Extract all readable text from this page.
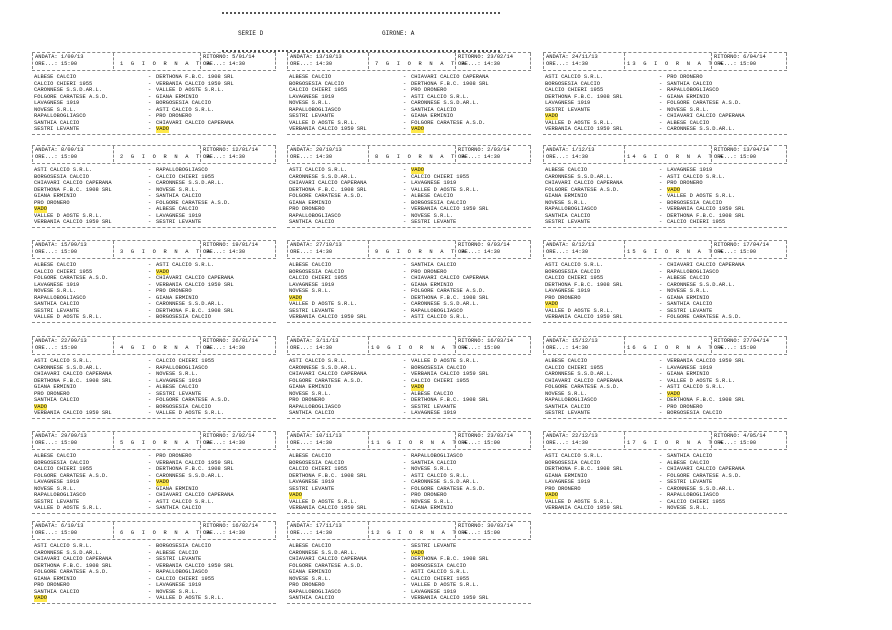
SERIE D	GIRONE: A
ANDATA: 1/09/13
ORE...: 15:00	1 G I O R N A T A
RITORNO: 5/01/14
ORE...: 14:30
ALBESE CALCIO	- DERTHONA F.B.C. 1908 SRL
CALCIO CHIERI 1955	- VERBANIA CALCIO 1959 SRL
CARONNESE S.S.D.AR.L.	- VALLEE D AOSTE S.R.L.
FOLGORE CARATESE A.S.D.	- GIANA ERMINIO
LAVAGNESE 1919	- BORGOSESIA CALCIO
NOVESE S.R.L.	- ASTI CALCIO S.R.L.
RAPALLOBOGLIASCO	- PRO DRONERO
SANTHIA CALCIO	- CHIAVARI CALCIO CAPERANA
SESTRI LEVANTE	- VADO
ANDATA: 8/09/13
ORE...: 15:00	2 G I O R N A T A
RITORNO: 12/01/14
ORE...: 14:30
ASTI CALCIO S.R.L.	- RAPALLOBOGLIASCO
BORGOSESIA CALCIO	- CALCIO CHIERI 1955
CHIAVARI CALCIO CAPERANA	- CARONNESE S.S.D.AR.L.
DERTHONA F.B.C. 1908 SRL	- NOVESE S.R.L.
GIANA ERMINIO	- SANTHIA CALCIO
PRO DRONERO	- FOLGORE CARATESE A.S.D.
VADO	- ALBESE CALCIO
VALLEE D AOSTE S.R.L.	- LAVAGNESE 1919
VERBANIA CALCIO 1959 SRL	- SESTRI LEVANTE
ANDATA: 15/09/13
ORE...: 15:00	3 G I O R N A T A
RITORNO: 19/01/14
ORE...: 14:30
ALBESE CALCIO	- ASTI CALCIO S.R.L.
CALCIO CHIERI 1955	- VADO
FOLGORE CARATESE A.S.D.	- CHIAVARI CALCIO CAPERANA
LAVAGNESE 1919	- VERBANIA CALCIO 1959 SRL
NOVESE S.R.L.	- PRO DRONERO
RAPALLOBOGLIASCO	- GIANA ERMINIO
SANTHIA CALCIO	- CARONNESE S.S.D.AR.L.
SESTRI LEVANTE	- DERTHONA F.B.C. 1908 SRL
VALLEE D AOSTE S.R.L.	- BORGOSESIA CALCIO
ANDATA: 22/09/13
ORE...: 15:00	4 G I O R N A T A
RITORNO: 26/01/14
ORE...: 14:30
ASTI CALCIO S.R.L.	- CALCIO CHIERI 1955
CARONNESE S.S.D.AR.L.	- RAPALLOBOGLIASCO
CHIAVARI CALCIO CAPERANA	- NOVESE S.R.L.
DERTHONA F.B.C. 1908 SRL	- LAVAGNESE 1919
GIANA ERMINIO	- ALBESE CALCIO
PRO DRONERO	- SESTRI LEVANTE
SANTHIA CALCIO	- FOLGORE CARATESE A.S.D.
VADO	- BORGOSESIA CALCIO
VERBANIA CALCIO 1959 SRL	- VALLEE D AOSTE S.R.L.
ANDATA: 29/09/13
ORE...: 15:00	5 G I O R N A T A
RITORNO: 2/02/14
ORE...: 14:30
ALBESE CALCIO	- PRO DRONERO
BORGOSESIA CALCIO	- VERBANIA CALCIO 1959 SRL
CALCIO CHIERI 1955	- DERTHONA F.B.C. 1908 SRL
FOLGORE CARATESE A.S.D.	- CARONNESE S.S.D.AR.L.
LAVAGNESE 1919	- VADO
NOVESE S.R.L.	- GIANA ERMINIO
RAPALLOBOGLIASCO	- CHIAVARI CALCIO CAPERANA
SESTRI LEVANTE	- ASTI CALCIO S.R.L.
VALLEE D AOSTE S.R.L.	- SANTHIA CALCIO
ANDATA: 6/10/13
ORE...: 15:00	6 G I O R N A T A
RITORNO: 16/02/14
ORE...: 14:30
ASTI CALCIO S.R.L.	- BORGOSESIA CALCIO
CARONNESE S.S.D.AR.L.	- ALBESE CALCIO
CHIAVARI CALCIO CAPERANA	- SESTRI LEVANTE
DERTHONA F.B.C. 1908 SRL	- VERBANIA CALCIO 1959 SRL
FOLGORE CARATESE A.S.D.	- RAPALLOBOGLIASCO
GIANA ERMINIO	- CALCIO CHIERI 1955
PRO DRONERO	- LAVAGNESE 1919
SANTHIA CALCIO	- NOVESE S.R.L.
VADO	- VALLEE D AOSTE S.R.L.
ANDATA: 13/10/13
ORE...: 14:30	7 G I O R N A T A
RITORNO: 23/02/14
ORE...: 14:30
ALBESE CALCIO	- CHIAVARI CALCIO CAPERANA
BORGOSESIA CALCIO	- DERTHONA F.B.C. 1908 SRL
CALCIO CHIERI 1955	- PRO DRONERO
LAVAGNESE 1919	- ASTI CALCIO S.R.L.
NOVESE S.R.L.	- CARONNESE S.S.D.AR.L.
RAPALLOBOGLIASCO	- SANTHIA CALCIO
SESTRI LEVANTE	- GIANA ERMINIO
VALLEE D AOSTE S.R.L.	- FOLGORE CARATESE A.S.D.
VERBANIA CALCIO 1959 SRL	- VADO
ANDATA: 20/10/13
ORE...: 14:30	8 G I O R N A T A
RITORNO: 2/03/14
ORE...: 14:30
ASTI CALCIO S.R.L.	- VADO
CARONNESE S.S.D.AR.L.	- CALCIO CHIERI 1955
CHIAVARI CALCIO CAPERANA	- LAVAGNESE 1919
DERTHONA F.B.C. 1908 SRL	- VALLEE D AOSTE S.R.L.
FOLGORE CARATESE A.S.D.	- ALBESE CALCIO
GIANA ERMINIO	- BORGOSESIA CALCIO
PRO DRONERO	- VERBANIA CALCIO 1959 SRL
RAPALLOBOGLIASCO	- NOVESE S.R.L.
SANTHIA CALCIO	- SESTRI LEVANTE
ANDATA: 27/10/13
ORE...: 14:30	9 G I O R N A T A
RITORNO: 9/03/14
ORE...: 14:30
ALBESE CALCIO	- SANTHIA CALCIO
BORGOSESIA CALCIO	- PRO DRONERO
CALCIO CHIERI 1955	- CHIAVARI CALCIO CAPERANA
LAVAGNESE 1919	- GIANA ERMINIO
NOVESE S.R.L.	- FOLGORE CARATESE A.S.D.
VADO	- DERTHONA F.B.C. 1908 SRL
VALLEE D AOSTE S.R.L.	- CARONNESE S.S.D.AR.L.
SESTRI LEVANTE	- RAPALLOBOGLIASCO
VERBANIA CALCIO 1959 SRL	- ASTI CALCIO S.R.L.
ANDATA: 3/11/13
ORE...: 14:30	10 G I O R N A T A
RITORNO: 16/03/14
ORE...: 15:00
ASTI CALCIO S.R.L.	- VALLEE D AOSTE S.R.L.
CARONNESE S.S.D.AR.L.	- BORGOSESIA CALCIO
CHIAVARI CALCIO CAPERANA	- VERBANIA CALCIO 1959 SRL
FOLGORE CARATESE A.S.D.	- CALCIO CHIERI 1955
GIANA ERMINIO	- VADO
NOVESE S.R.L.	- ALBESE CALCIO
PRO DRONERO	- DERTHONA F.B.C. 1908 SRL
RAPALLOBOGLIASCO	- SESTRI LEVANTE
SANTHIA CALCIO	- LAVAGNESE 1919
ANDATA: 10/11/13
ORE...: 14:30	11 G I O R N A T A
RITORNO: 23/03/14
ORE...: 15:00
ALBESE CALCIO	- RAPALLOBOGLIASCO
BORGOSESIA CALCIO	- SANTHIA CALCIO
CALCIO CHIERI 1955	- NOVESE S.R.L.
DERTHONA F.B.C. 1908 SRL	- ASTI CALCIO S.R.L.
LAVAGNESE 1919	- CARONNESE S.S.D.AR.L.
SESTRI LEVANTE	- FOLGORE CARATESE A.S.D.
VADO	- PRO DRONERO
VALLEE D AOSTE S.R.L.	- NOVESE S.R.L.
VERBANIA CALCIO 1959 SRL	- GIANA ERMINIO
ANDATA: 17/11/13
ORE...: 14:30	12 G I O R N A T A
RITORNO: 30/03/14
ORE...: 15:00
ALBESE CALCIO	- SESTRI LEVANTE
CARONNESE S.S.D.AR.L.	- VADO
CHIAVARI CALCIO CAPERANA	- DERTHONA F.B.C. 1908 SRL
FOLGORE CARATESE A.S.D.	- BORGOSESIA CALCIO
GIANA ERMINIO	- ASTI CALCIO S.R.L.
NOVESE S.R.L.	- CALCIO CHIERI 1955
PRO DRONERO	- VALLEE D AOSTE S.R.L.
RAPALLOBOGLIASCO	- LAVAGNESE 1919
SANTHIA CALCIO	- VERBANIA CALCIO 1959 SRL
ANDATA: 24/11/13
ORE...: 14:30	13 G I O R N A T A
RITORNO: 6/04/14
ORE...: 15:00
ASTI CALCIO S.R.L.	- PRO DRONERO
BORGOSESIA CALCIO	- SANTHIA CALCIO
CALCIO CHIERI 1955	- RAPALLOBOGLIASCO
DERTHONA F.B.C. 1908 SRL	- GIANA ERMINIO
LAVAGNESE 1919	- FOLGORE CARATESE A.S.D.
SESTRI LEVANTE	- NOVESE S.R.L.
VADO	- CHIAVARI CALCIO CAPERANA
VALLEE D AOSTE S.R.L.	- ALBESE CALCIO
VERBANIA CALCIO 1959 SRL	- CARONNESE S.S.D.AR.L.
ANDATA: 1/12/13
ORE...: 14:30	14 G I O R N A T A
RITORNO: 13/04/14
ORE...: 15:00
ALBESE CALCIO	- LAVAGNESE 1919
CARONNESE S.S.D.AR.L.	- ASTI CALCIO S.R.L.
CHIAVARI CALCIO CAPERANA	- PRO DRONERO
FOLGORE CARATESE A.S.D.	- VADO
GIANA ERMINIO	- VALLEE D AOSTE S.R.L.
NOVESE S.R.L.	- BORGOSESIA CALCIO
RAPALLOBOGLIASCO	- VERBANIA CALCIO 1959 SRL
SANTHIA CALCIO	- DERTHONA F.B.C. 1908 SRL
SESTRI LEVANTE	- CALCIO CHIERI 1955
ANDATA: 8/12/13
ORE...: 14:30	15 G I O R N A T A
RITORNO: 17/04/14
ORE...: 15:00
ASTI CALCIO S.R.L.	- CHIAVARI CALCIO CAPERANA
BORGOSESIA CALCIO	- RAPALLOBOGLIASCO
CALCIO CHIERI 1955	- ALBESE CALCIO
DERTHONA F.B.C. 1908 SRL	- CARONNESE S.S.D.AR.L.
LAVAGNESE 1919	- NOVESE S.R.L.
PRO DRONERO	- GIANA ERMINIO
VADO	- SANTHIA CALCIO
VALLEE D AOSTE S.R.L.	- SESTRI LEVANTE
VERBANIA CALCIO 1959 SRL	- FOLGORE CARATESE A.S.D.
ANDATA: 15/12/13
ORE...: 14:30	16 G I O R N A T A
RITORNO: 27/04/14
ORE...: 15:00
ALBESE CALCIO	- VERBANIA CALCIO 1959 SRL
CALCIO CHIERI 1955	- LAVAGNESE 1919
CARONNESE S.S.D.AR.L.	- GIANA ERMINIO
CHIAVARI CALCIO CAPERANA	- VALLEE D AOSTE S.R.L.
FOLGORE CARATESE A.S.D.	- ASTI CALCIO S.R.L.
NOVESE S.R.L.	- VADO
RAPALLOBOGLIASCO	- DERTHONA F.B.C. 1908 SRL
SANTHIA CALCIO	- PRO DRONERO
SESTRI LEVANTE	- BORGOSESIA CALCIO
ANDATA: 22/12/13
ORE...: 14:30	17 G I O R N A T A
RITORNO: 4/05/14
ORE...: 15:00
ASTI CALCIO S.R.L.	- SANTHIA CALCIO
BORGOSESIA CALCIO	- ALBESE CALCIO
DERTHONA F.B.C. 1908 SRL	- CHIAVARI CALCIO CAPERANA
GIANA ERMINIO	- FOLGORE CARATESE A.S.D.
LAVAGNESE 1919	- SESTRI LEVANTE
PRO DRONERO	- CARONNESE S.S.D.AR.L.
VADO	- RAPALLOBOGLIASCO
VALLEE D AOSTE S.R.L.	- CALCIO CHIERI 1955
VERBANIA CALCIO 1959 SRL	- NOVESE S.R.L.
